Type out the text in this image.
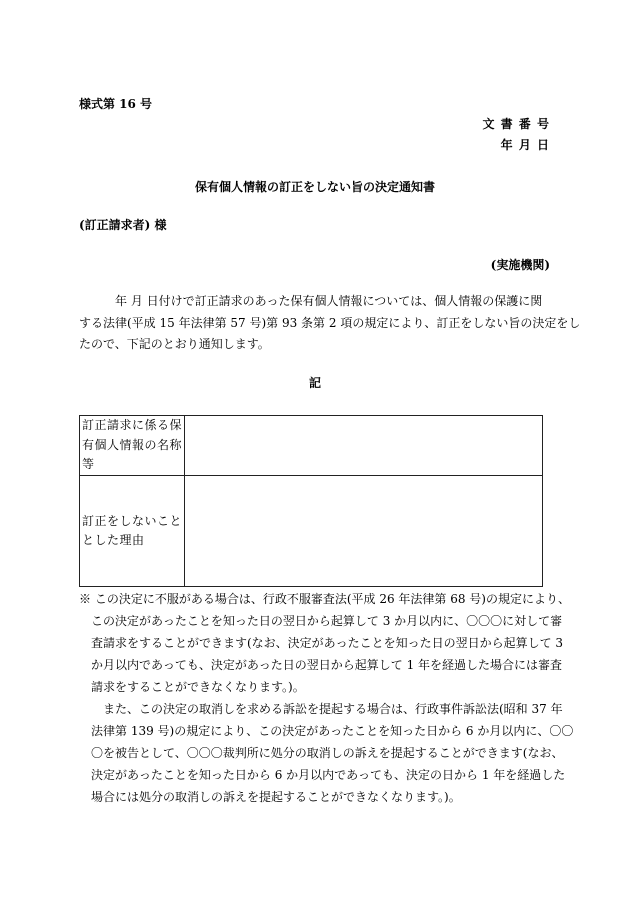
様式第 16 号
文 書 番 号
年 月 日
保有個人情報の訂正をしない旨の決定通知書
(訂正請求者) 様
(実施機関)
年 月 日付けで訂正請求のあった保有個人情報については、個人情報の保護に関
する法律(平成 15 年法律第 57 号)第 93 条第 2 項の規定により、訂正をしない旨の決定をし
たので、下記のとおり通知します。
記
訂正請求に係る保
有個人情報の名称
等	

訂正をしないこと
とした理由	

※ この決定に不服がある場合は、行政不服審査法(平成 26 年法律第 68 号)の規定により、
この決定があったことを知った日の翌日から起算して 3 か月以内に、〇〇〇に対して審
査請求をすることができます(なお、決定があったことを知った日の翌日から起算して 3
か月以内であっても、決定があった日の翌日から起算して 1 年を経過した場合には審査
請求をすることができなくなります。)。
また、この決定の取消しを求める訴訟を提起する場合は、行政事件訴訟法(昭和 37 年
法律第 139 号)の規定により、この決定があったことを知った日から 6 か月以内に、〇〇
〇を被告として、〇〇〇裁判所に処分の取消しの訴えを提起することができます(なお、
決定があったことを知った日から 6 か月以内であっても、決定の日から 1 年を経過した
場合には処分の取消しの訴えを提起することができなくなります。)。
